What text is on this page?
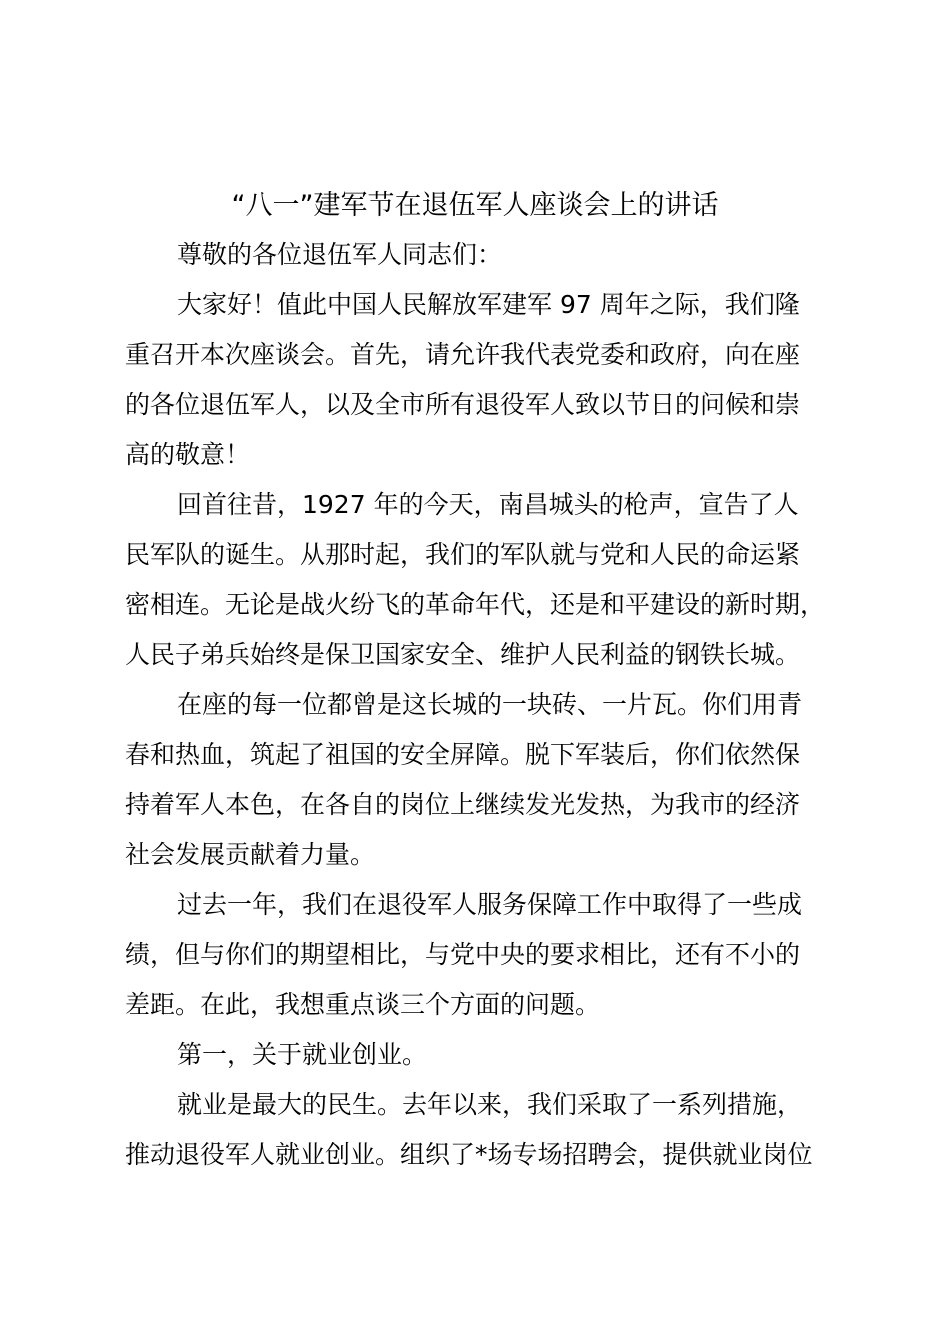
“八一”建军节在退伍军人座谈会上的讲话

尊敬的各位退伍军人同志们：

大家好！值此中国人民解放军建军 97 周年之际，我们隆
重召开本次座谈会。首先，请允许我代表党委和政府，向在座
的各位退伍军人，以及全市所有退役军人致以节日的问候和崇
高的敬意！

回首往昔，1927 年的今天，南昌城头的枪声，宣告了人
民军队的诞生。从那时起，我们的军队就与党和人民的命运紧
密相连。无论是战火纷飞的革命年代，还是和平建设的新时期，
人民子弟兵始终是保卫国家安全、维护人民利益的钢铁长城。

在座的每一位都曾是这长城的一块砖、一片瓦。你们用青
春和热血，筑起了祖国的安全屏障。脱下军装后，你们依然保
持着军人本色，在各自的岗位上继续发光发热，为我市的经济
社会发展贡献着力量。

过去一年，我们在退役军人服务保障工作中取得了一些成
绩，但与你们的期望相比，与党中央的要求相比，还有不小的
差距。在此，我想重点谈三个方面的问题。

第一，关于就业创业。

就业是最大的民生。去年以来，我们采取了一系列措施，
推动退役军人就业创业。组织了*场专场招聘会，提供就业岗位
